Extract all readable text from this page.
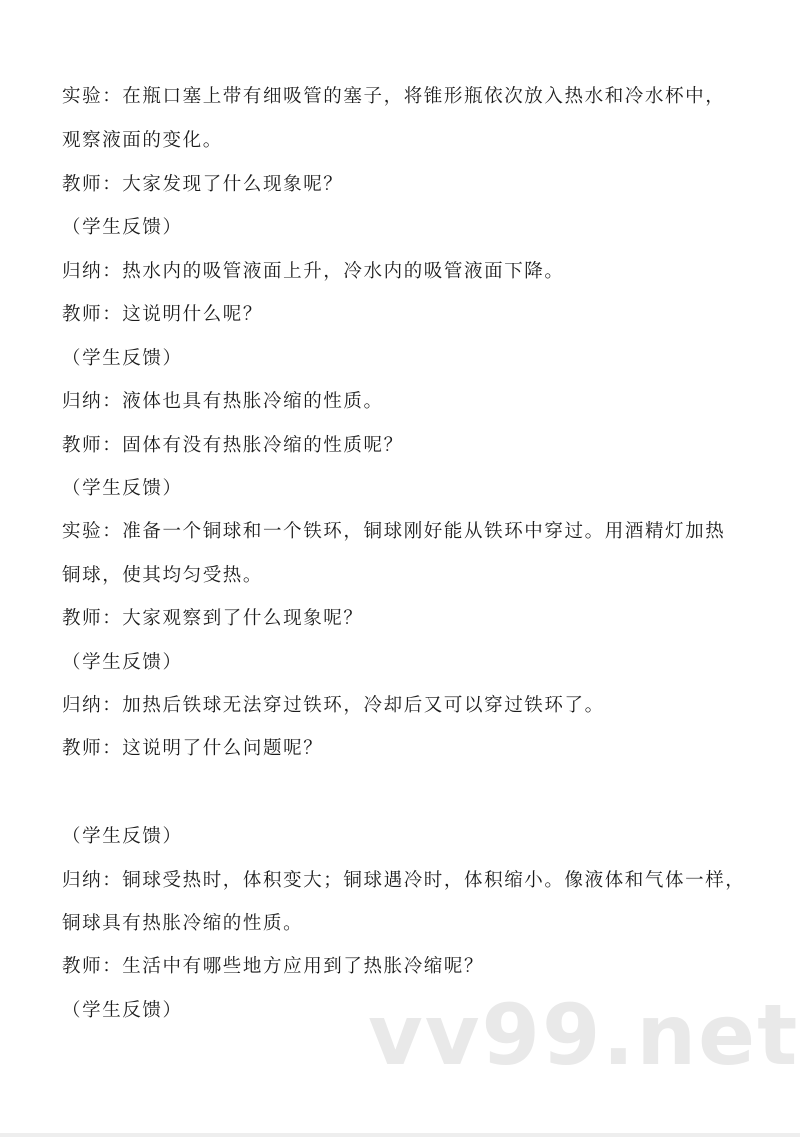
实验：在瓶口塞上带有细吸管的塞子，将锥形瓶依次放入热水和冷水杯中，
观察液面的变化。
教师：大家发现了什么现象呢？
（学生反馈）
归纳：热水内的吸管液面上升，冷水内的吸管液面下降。
教师：这说明什么呢？
（学生反馈）
归纳：液体也具有热胀冷缩的性质。
教师：固体有没有热胀冷缩的性质呢？
（学生反馈）
实验：准备一个铜球和一个铁环，铜球刚好能从铁环中穿过。用酒精灯加热
铜球，使其均匀受热。
教师：大家观察到了什么现象呢？
（学生反馈）
归纳：加热后铁球无法穿过铁环，冷却后又可以穿过铁环了。
教师：这说明了什么问题呢？
（学生反馈）
归纳：铜球受热时，体积变大；铜球遇冷时，体积缩小。像液体和气体一样，
铜球具有热胀冷缩的性质。
教师：生活中有哪些地方应用到了热胀冷缩呢？
（学生反馈） vv99.net
